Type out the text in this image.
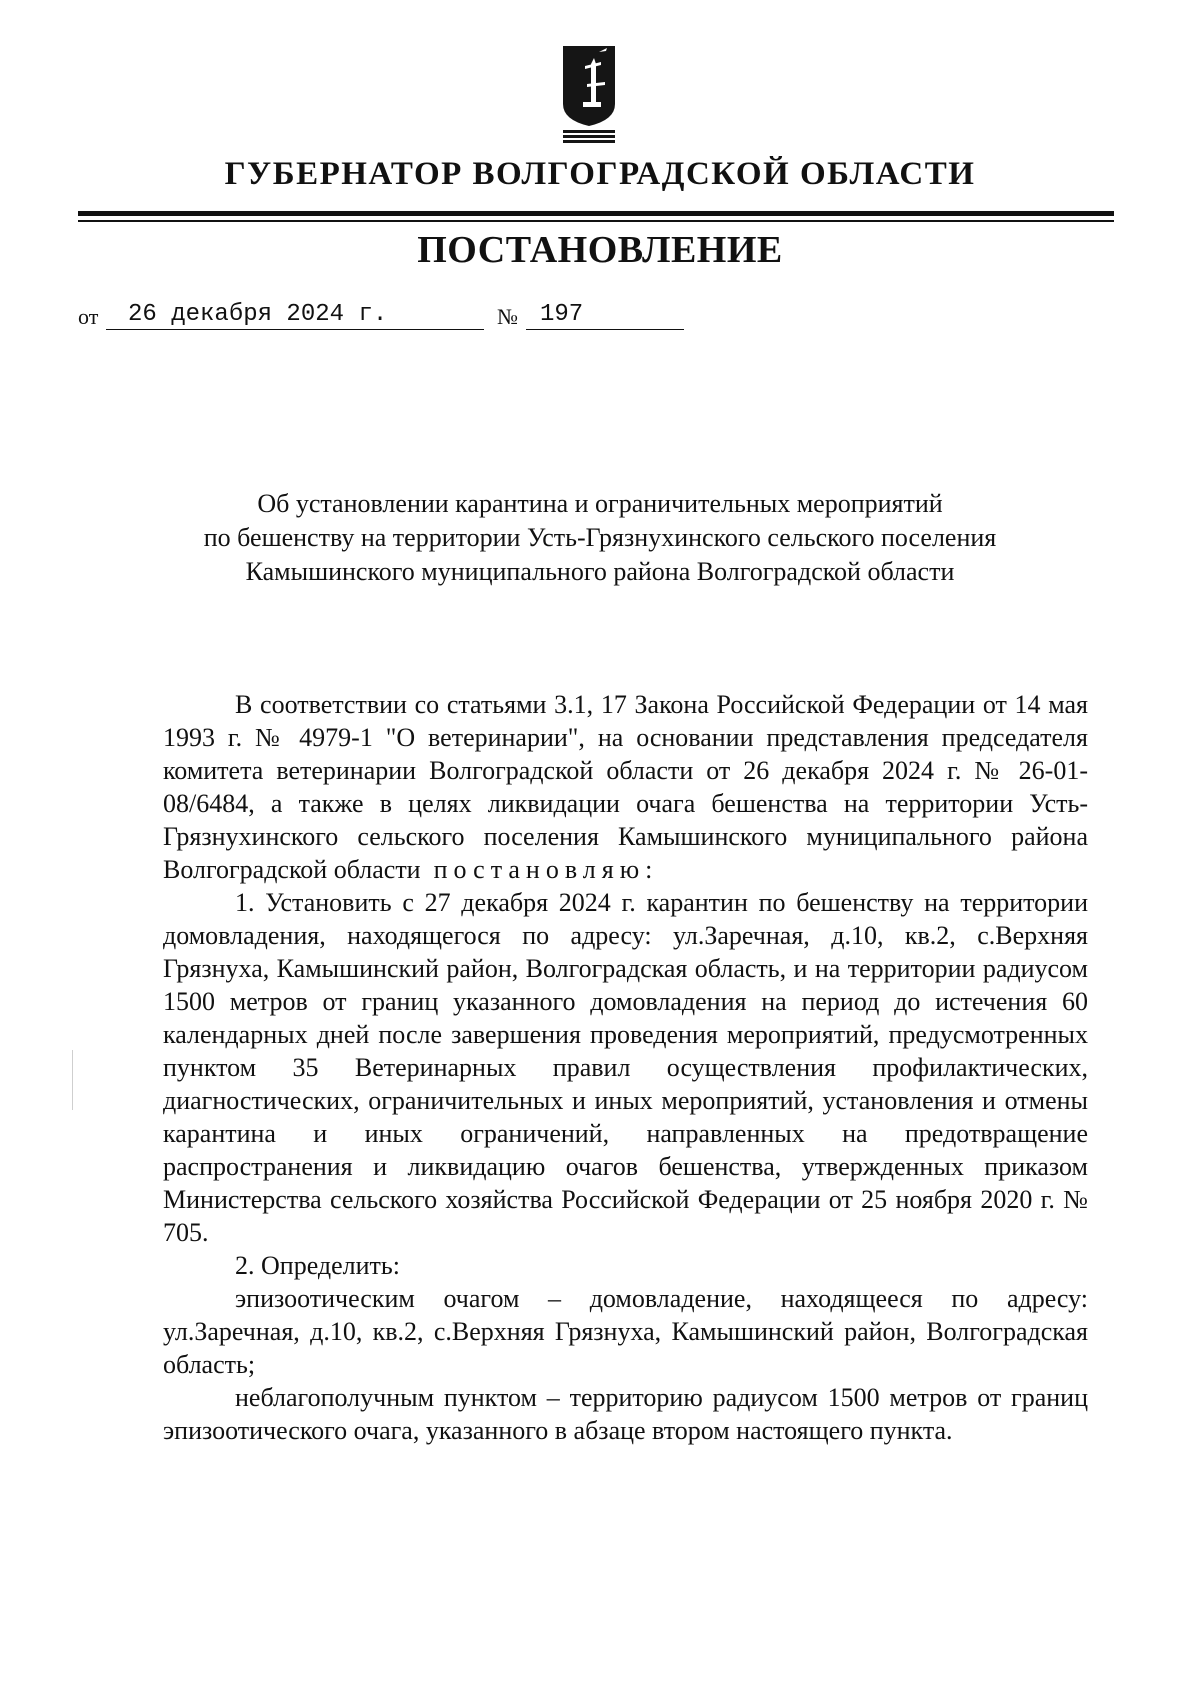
ГУБЕРНАТОР ВОЛГОГРАДСКОЙ ОБЛАСТИ
ПОСТАНОВЛЕНИЕ
от 26 декабря 2024 г.	№ 197

Об установлении карантина и ограничительных мероприятий

по бешенству на территории Усть-Грязнухинского сельского поселения

Камышинского муниципального района Волгоградской области

В соответствии со статьями 3.1, 17 Закона Российской Федерации от 14 мая 1993 г. № 4979-1 "О ветеринарии", на основании представления председателя комитета ветеринарии Волгоградской области от 26 декабря 2024 г. № 26-01-08/6484, а также в целях ликвидации очага бешенства на территории Усть-Грязнухинского сельского поселения Камышинского муниципального района Волгоградской области постановляю:

1. Установить с 27 декабря 2024 г. карантин по бешенству на территории домовладения, находящегося по адресу: ул.Заречная, д.10, кв.2, с.Верхняя Грязнуха, Камышинский район, Волгоградская область, и на территории радиусом 1500 метров от границ указанного домовладения на период до истечения 60 календарных дней после завершения проведения мероприятий, предусмотренных пунктом 35 Ветеринарных правил осуществления профилактических, диагностических, ограничительных и иных мероприятий, установления и отмены карантина и иных ограничений, направленных на предотвращение распространения и ликвидацию очагов бешенства, утвержденных приказом Министерства сельского хозяйства Российской Федерации от 25 ноября 2020 г. № 705.

2. Определить:

эпизоотическим очагом – домовладение, находящееся по адресу: ул.Заречная, д.10, кв.2, с.Верхняя Грязнуха, Камышинский район, Волгоградская область;

неблагополучным пунктом – территорию радиусом 1500 метров от границ эпизоотического очага, указанного в абзаце втором настоящего пункта.
